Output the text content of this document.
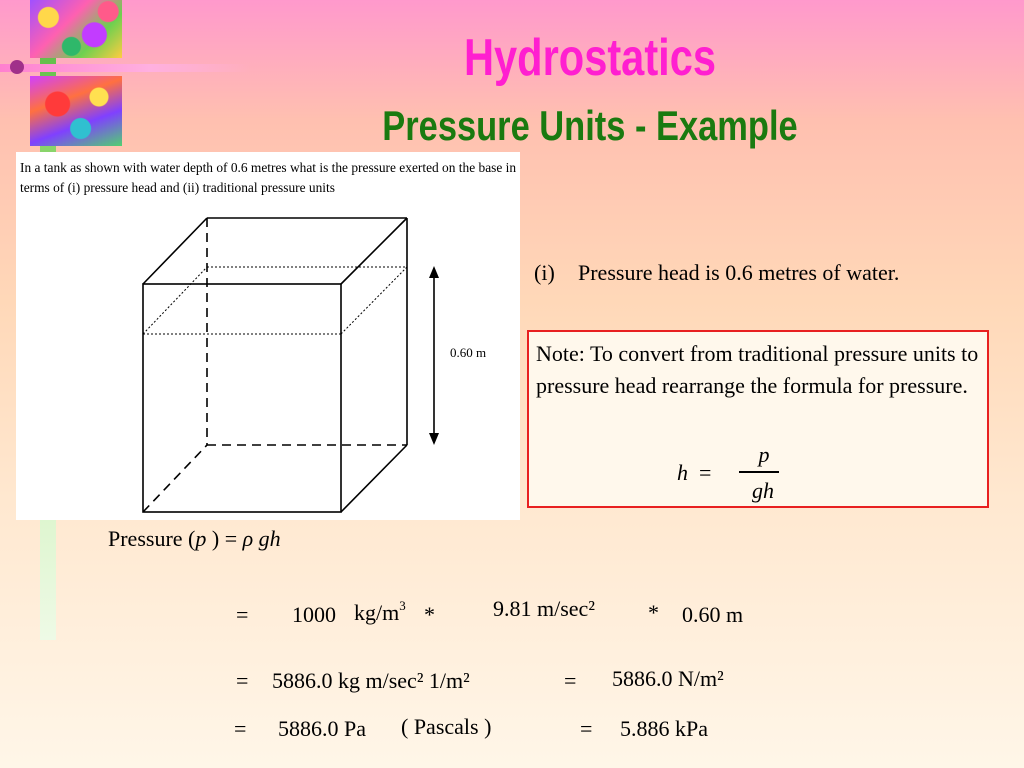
Hydrostatics
Pressure Units - Example

In a tank as shown with water depth of 0.6 metres what is the pressure exerted on the base in terms of (i) pressure head and (ii) traditional pressure units

0.60 m
(i) Pressure head is 0.6 metres of water.

Note: To convert from traditional pressure units to pressure head rearrange the formula for pressure.

h =
p
gh
Pressure (p ) = ρ gh
= 1000 $kg/m^3$ *	9.81 m/sec² * 0.60 m
= 5886.0 kg m/sec² 1/m²	= 5886.0 N/m²
= 5886.0 Pa ( Pascals )	= 5.886 kPa
